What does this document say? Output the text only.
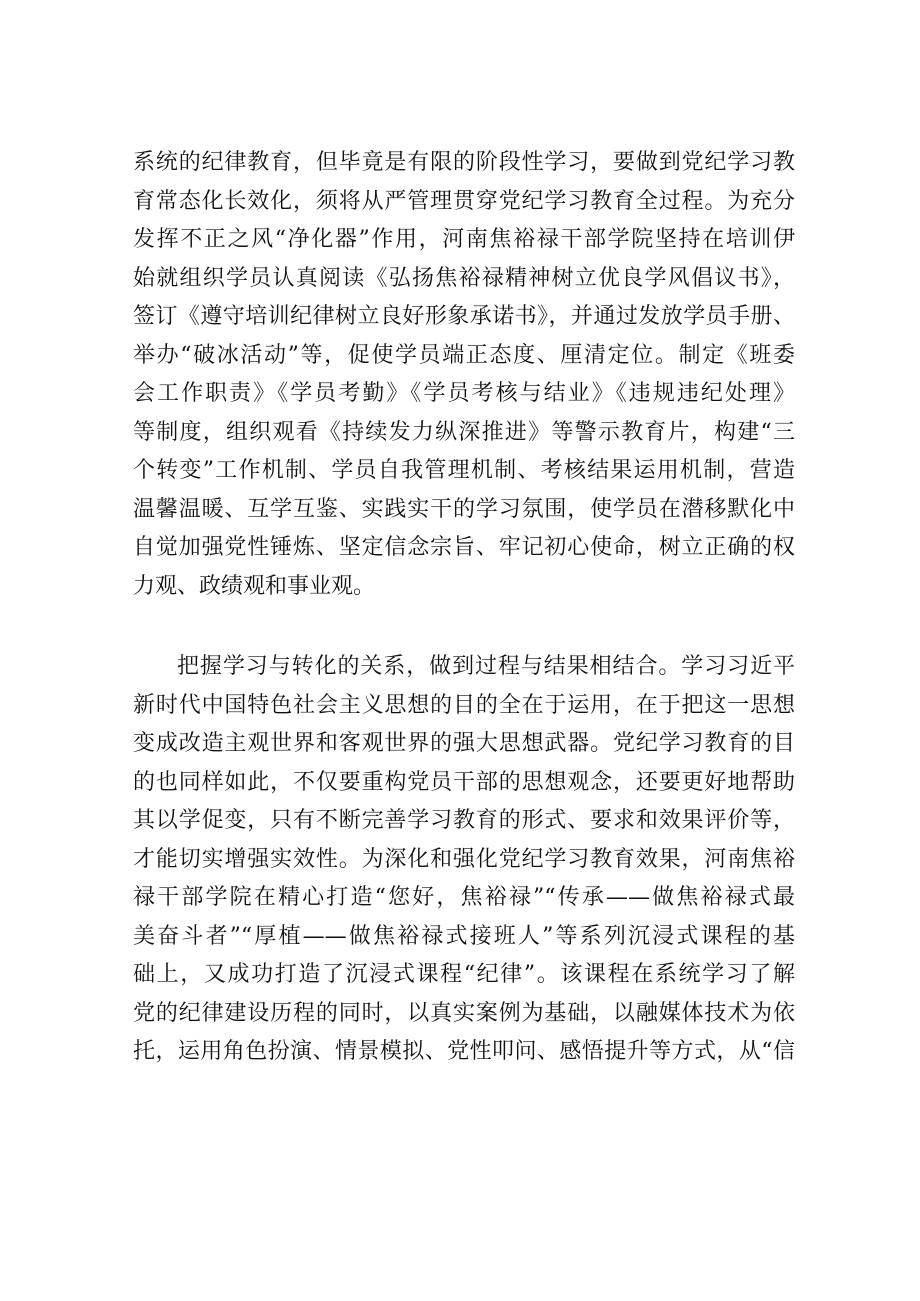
系统的纪律教育，但毕竟是有限的阶段性学习，要做到党纪学习教
育常态化长效化，须将从严管理贯穿党纪学习教育全过程。为充分
发挥不正之风“净化器”作用，河南焦裕禄干部学院坚持在培训伊
始就组织学员认真阅读《弘扬焦裕禄精神树立优良学风倡议书》，
签订《遵守培训纪律树立良好形象承诺书》，并通过发放学员手册、
举办“破冰活动”等，促使学员端正态度、厘清定位。制定《班委
会工作职责》《学员考勤》《学员考核与结业》《违规违纪处理》
等制度，组织观看《持续发力纵深推进》等警示教育片，构建“三
个转变”工作机制、学员自我管理机制、考核结果运用机制，营造
温馨温暖、互学互鉴、实践实干的学习氛围，使学员在潜移默化中
自觉加强党性锤炼、坚定信念宗旨、牢记初心使命，树立正确的权
力观、政绩观和事业观。
把握学习与转化的关系，做到过程与结果相结合。学习习近平
新时代中国特色社会主义思想的目的全在于运用，在于把这一思想
变成改造主观世界和客观世界的强大思想武器。党纪学习教育的目
的也同样如此，不仅要重构党员干部的思想观念，还要更好地帮助
其以学促变，只有不断完善学习教育的形式、要求和效果评价等，
才能切实增强实效性。为深化和强化党纪学习教育效果，河南焦裕
禄干部学院在精心打造“您好，焦裕禄”“传承——做焦裕禄式最
美奋斗者”“厚植——做焦裕禄式接班人”等系列沉浸式课程的基
础上，又成功打造了沉浸式课程“纪律”。该课程在系统学习了解
党的纪律建设历程的同时，以真实案例为基础，以融媒体技术为依
托，运用角色扮演、情景模拟、党性叩问、感悟提升等方式，从“信
